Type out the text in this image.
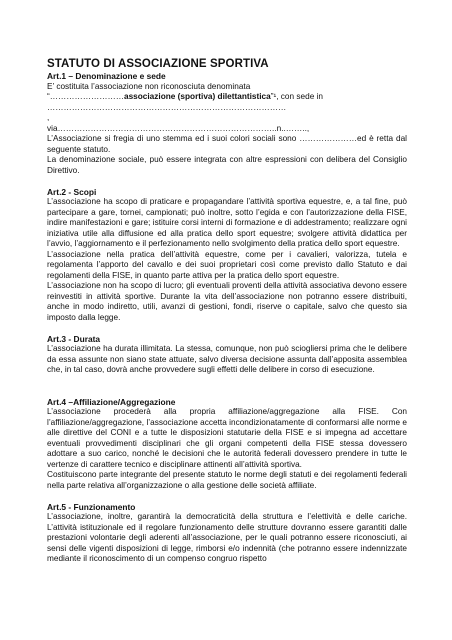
STATUTO DI ASSOCIAZIONE SPORTIVA
Art.1 – Denominazione e sede
E’ costituita l’associazione non riconosciuta denominata
“………………………associazione (sportiva) dilettantistica”¹, con sede in
……………………………………………………………………………
,
via……………………………………………………………………..n..……..,

L’Associazione si fregia di uno stemma ed i suoi colori sociali sono …………………ed è retta dal seguente statuto.

La denominazione sociale, può essere integrata con altre espressioni con delibera del Consiglio Direttivo.

Art.2 - Scopi

L’associazione ha scopo di praticare e propagandare l’attività sportiva equestre, e, a tal fine, può partecipare a gare, tornei, campionati; può inoltre, sotto l’egida e con l’autorizzazione della FISE, indire manifestazioni e gare; istituire corsi interni di formazione e di addestramento; realizzare ogni iniziativa utile alla diffusione ed alla pratica dello sport equestre; svolgere attività didattica per l’avvio, l’aggiornamento e il perfezionamento nello svolgimento della pratica dello sport equestre.

L’associazione nella pratica dell’attività equestre, come per i cavalieri, valorizza, tutela e regolamenta l’apporto del cavallo e dei suoi proprietari così come previsto dallo Statuto e dai regolamenti della FISE, in quanto parte attiva per la pratica dello sport equestre.

L’associazione non ha scopo di lucro; gli eventuali proventi della attività associativa devono essere reinvestiti in attività sportive. Durante la vita dell’associazione non potranno essere distribuiti, anche in modo indiretto, utili, avanzi di gestioni, fondi, riserve o capitale, salvo che questo sia imposto dalla legge.

Art.3 - Durata

L’associazione ha durata illimitata. La stessa, comunque, non può sciogliersi prima che le delibere da essa assunte non siano state attuate, salvo diversa decisione assunta dall’apposita assemblea che, in tal caso, dovrà anche provvedere sugli effetti delle delibere in corso di esecuzione.

Art.4 –Affiliazione/Aggregazione

L’associazione procederà alla propria affiliazione/aggregazione alla FISE. Con l’affiliazione/aggregazione, l’associazione accetta incondizionatamente di conformarsi alle norme e alle direttive del CONI e a tutte le disposizioni statutarie della FISE e si impegna ad accettare eventuali provvedimenti disciplinari che gli organi competenti della FISE stessa dovessero adottare a suo carico, nonché le decisioni che le autorità federali dovessero prendere in tutte le vertenze di carattere tecnico e disciplinare attinenti all’attività sportiva.

Costituiscono parte integrante del presente statuto le norme degli statuti e dei regolamenti federali nella parte relativa all’organizzazione o alla gestione delle società affiliate.

Art.5 - Funzionamento

L’associazione, inoltre, garantirà la democraticità della struttura e l’elettività e delle cariche. L’attività istituzionale ed il regolare funzionamento delle strutture dovranno essere garantiti dalle prestazioni volontarie degli aderenti all’associazione, per le quali potranno essere riconosciuti, ai sensi delle vigenti disposizioni di legge, rimborsi e/o indennità (che potranno essere indennizzate mediante il riconoscimento di un compenso congruo rispetto
